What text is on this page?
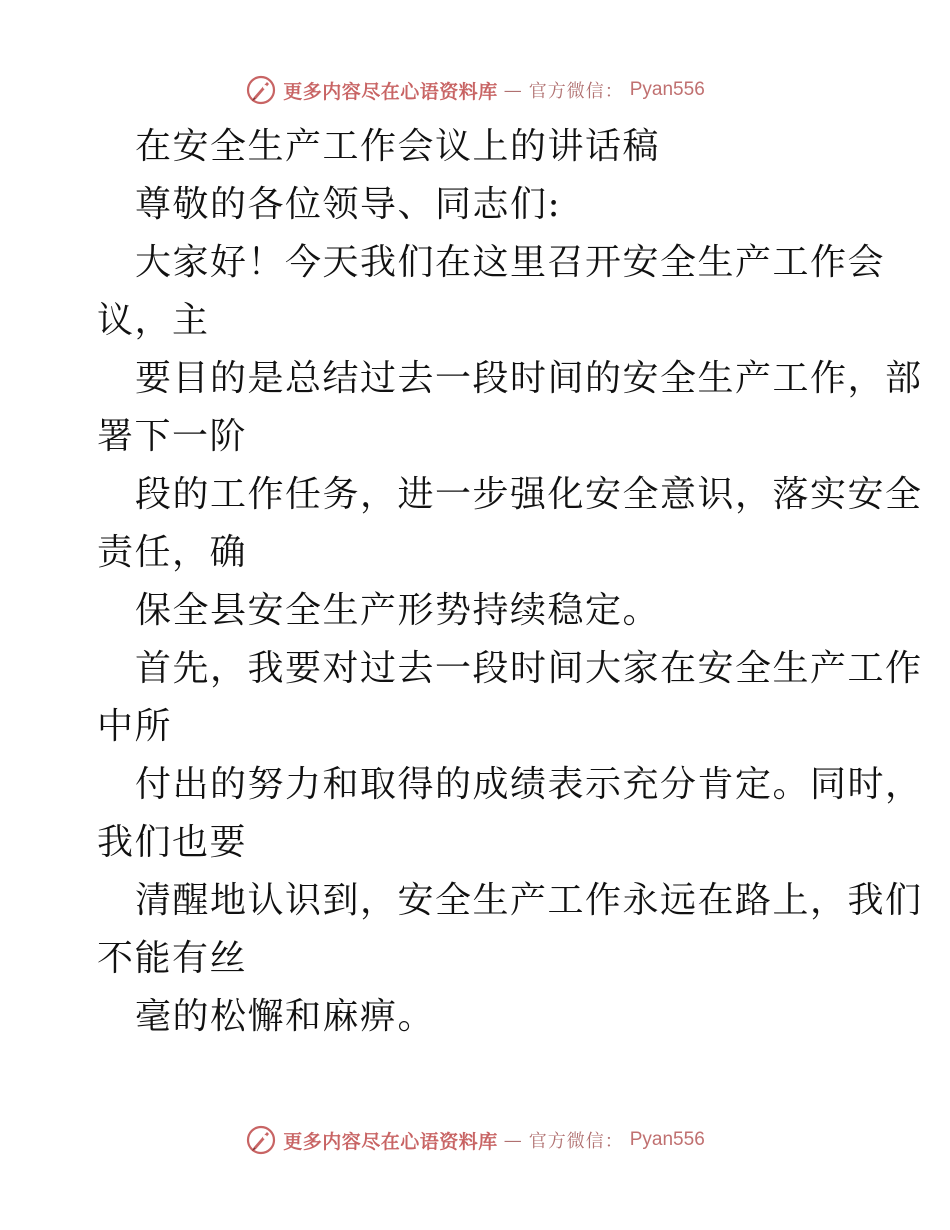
更多内容尽在心语资料库 — 官方微信： Pyan556

在安全生产工作会议上的讲话稿

尊敬的各位领导、同志们:

大家好！今天我们在这里召开安全生产工作会

议，主

要目的是总结过去一段时间的安全生产工作，部

署下一阶

段的工作任务，进一步强化安全意识，落实安全

责任，确

保全县安全生产形势持续稳定。

首先，我要对过去一段时间大家在安全生产工作

中所

付出的努力和取得的成绩表示充分肯定。同时，

我们也要

清醒地认识到，安全生产工作永远在路上，我们

不能有丝

毫的松懈和麻痹。

更多内容尽在心语资料库 — 官方微信： Pyan556
